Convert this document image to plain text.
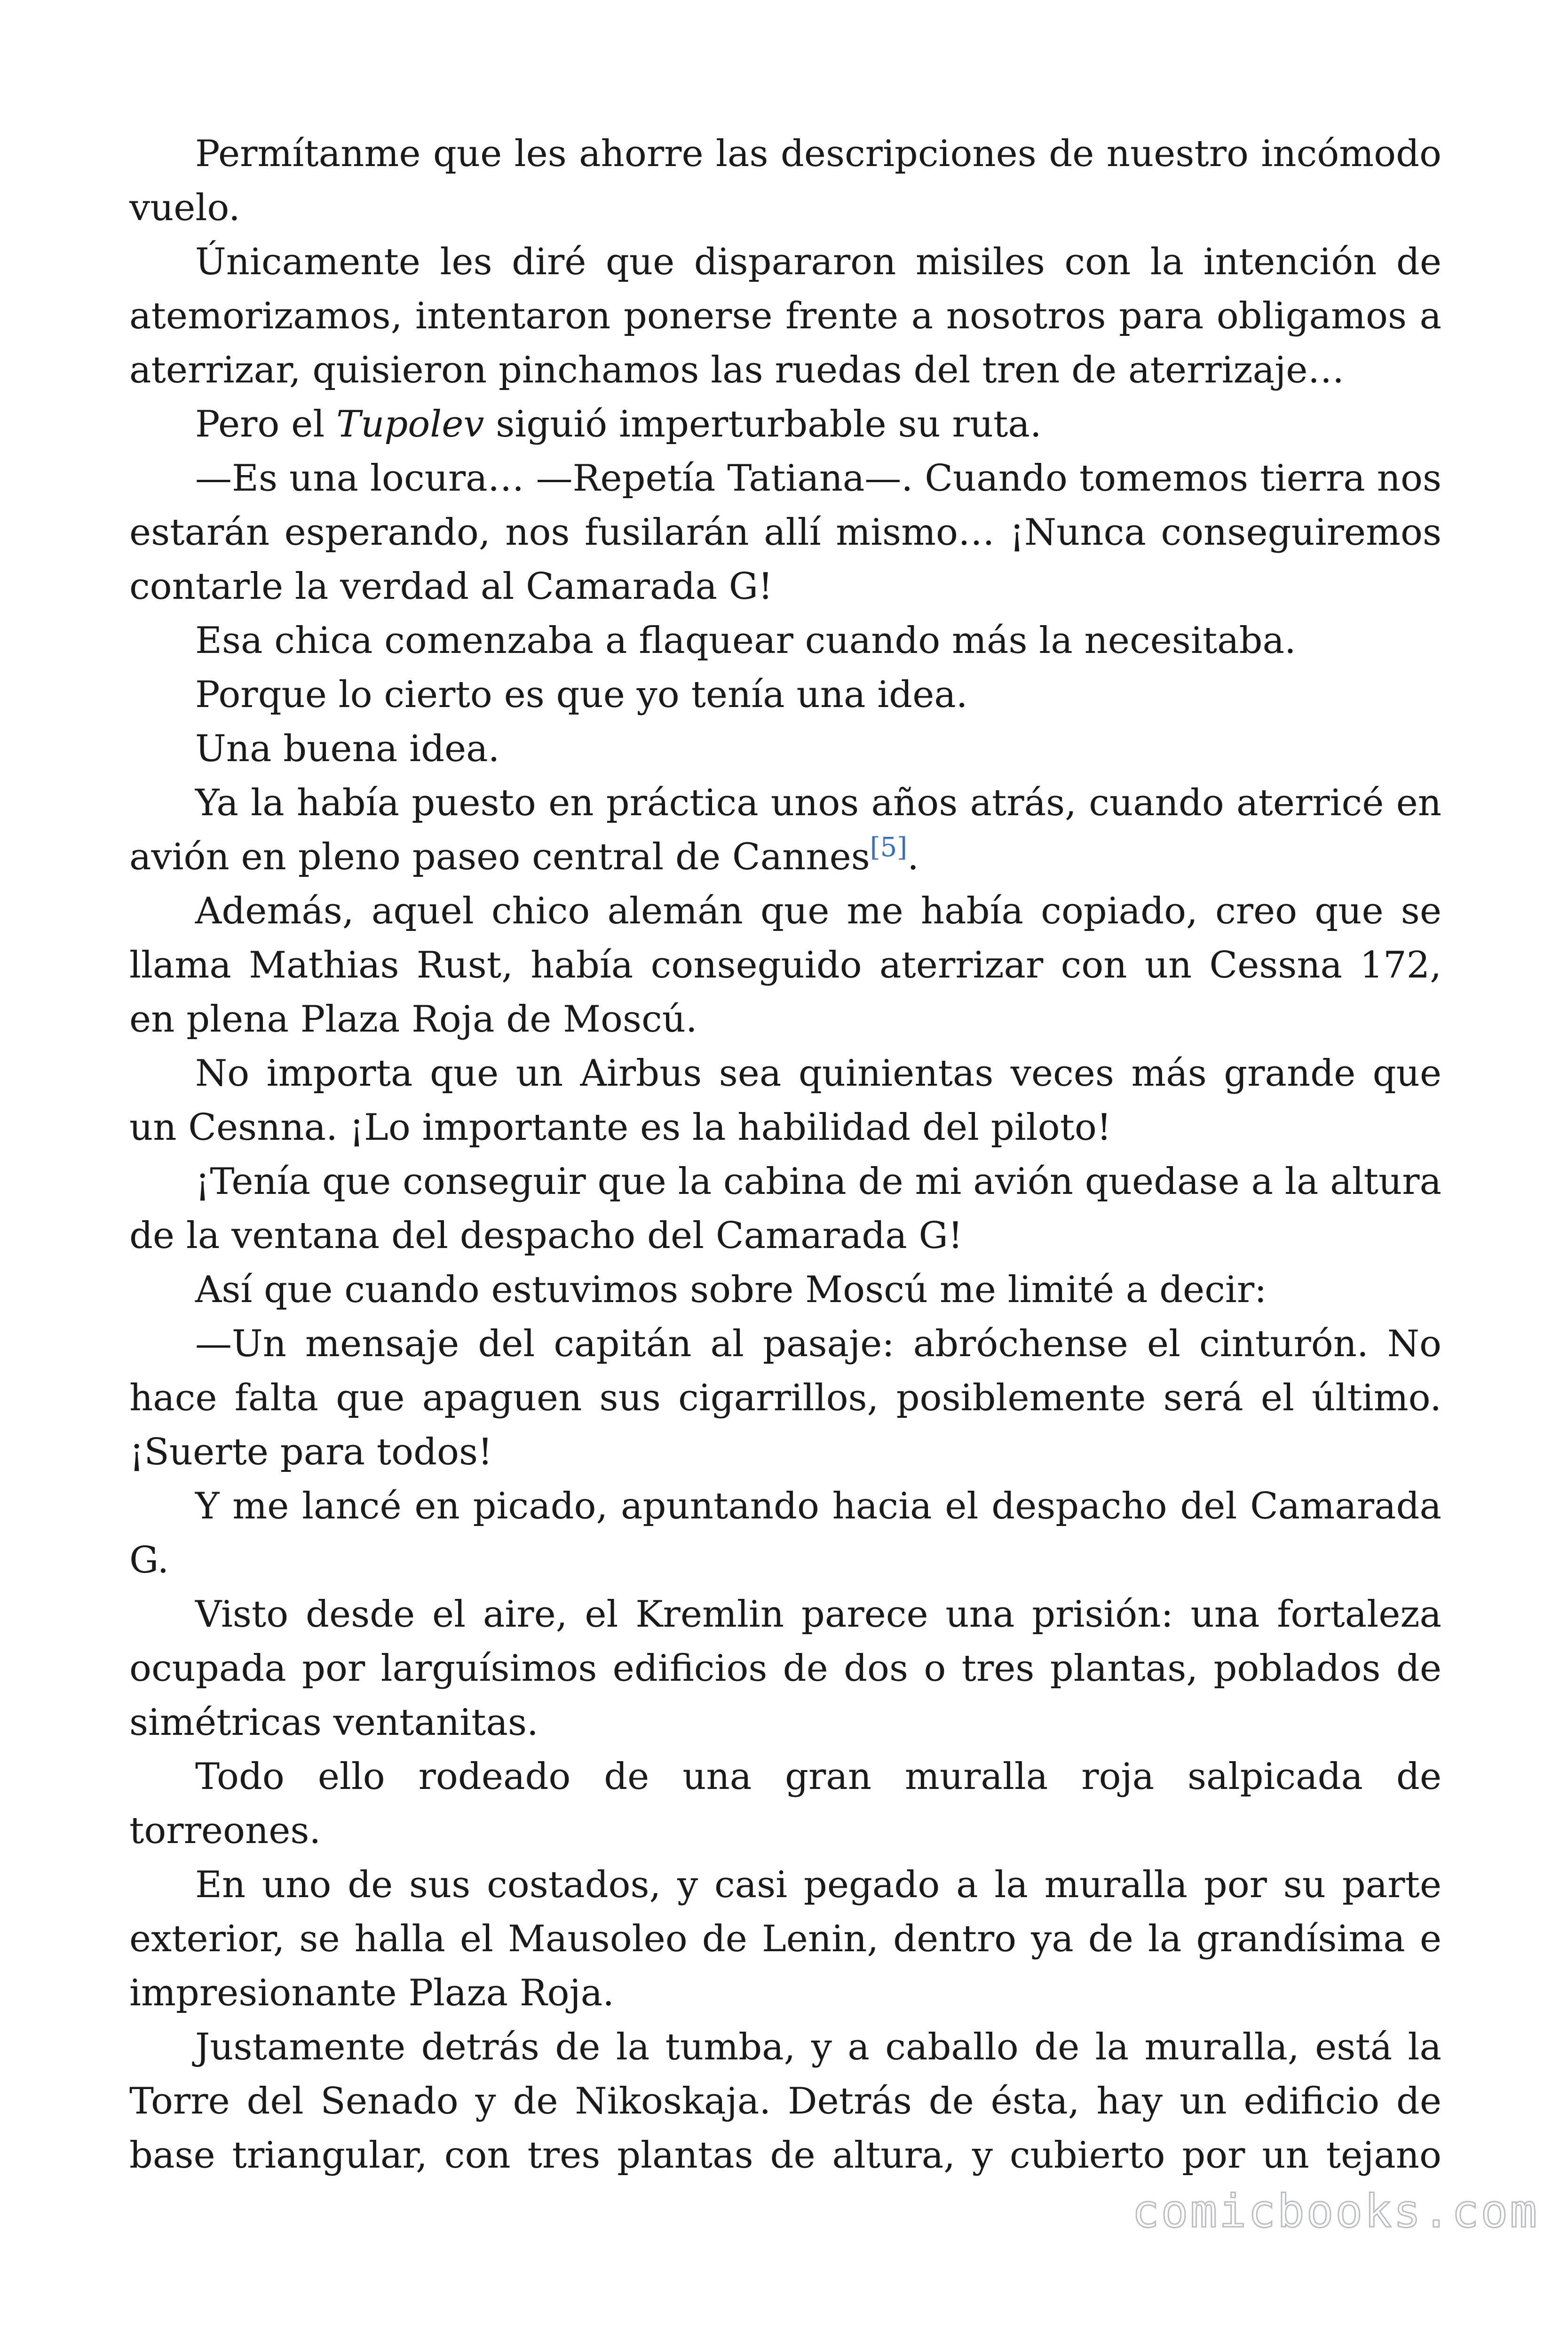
Permítanme que les ahorre las descripciones de nuestro incómodo vuelo.

Únicamente les diré que dispararon misiles con la intención de atemorizamos, intentaron ponerse frente a nosotros para obligamos a aterrizar, quisieron pinchamos las ruedas del tren de aterrizaje…

Pero el Tupolev siguió imperturbable su ruta.

—Es una locura… —Repetía Tatiana—. Cuando tomemos tierra nos estarán esperando, nos fusilarán allí mismo… ¡Nunca conseguiremos contarle la verdad al Camarada G!

Esa chica comenzaba a flaquear cuando más la necesitaba.

Porque lo cierto es que yo tenía una idea.

Una buena idea.

Ya la había puesto en práctica unos años atrás, cuando aterricé en avión en pleno paseo central de Cannes[5].

Además, aquel chico alemán que me había copiado, creo que se llama Mathias Rust, había conseguido aterrizar con un Cessna 172, en plena Plaza Roja de Moscú.

No importa que un Airbus sea quinientas veces más grande que un Cesnna. ¡Lo importante es la habilidad del piloto!

¡Tenía que conseguir que la cabina de mi avión quedase a la altura de la ventana del despacho del Camarada G!

Así que cuando estuvimos sobre Moscú me limité a decir:

—Un mensaje del capitán al pasaje: abróchense el cinturón. No hace falta que apaguen sus cigarrillos, posiblemente será el último. ¡Suerte para todos!

Y me lancé en picado, apuntando hacia el despacho del Camarada G.

Visto desde el aire, el Kremlin parece una prisión: una fortaleza ocupada por larguísimos edificios de dos o tres plantas, poblados de simétricas ventanitas.

Todo ello rodeado de una gran muralla roja salpicada de torreones.

En uno de sus costados, y casi pegado a la muralla por su parte exterior, se halla el Mausoleo de Lenin, dentro ya de la grandísima e impresionante Plaza Roja.

Justamente detrás de la tumba, y a caballo de la muralla, está la Torre del Senado y de Nikoskaja. Detrás de ésta, hay un edificio de base triangular, con tres plantas de altura, y cubierto por un tejano

comicbooks.com
